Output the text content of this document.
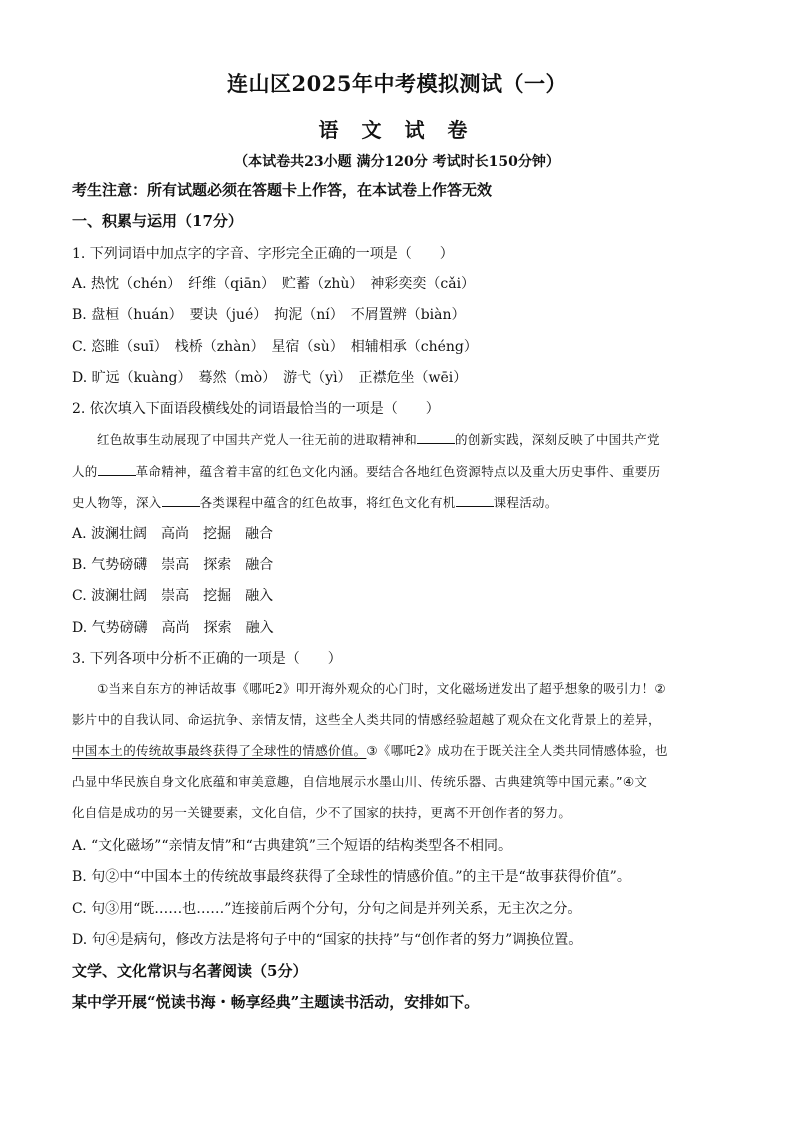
连山区2025年中考模拟测试（一）
语 文 试 卷
（本试卷共23小题 满分120分 考试时长150分钟）
考生注意：所有试题必须在答题卡上作答，在本试卷上作答无效
一、积累与运用（17分）
1. 下列词语中加点字的字音、字形完全正确的一项是（　　）
A. 热忱（chén）　纤维（qiān）　贮蓄（zhù）　神彩奕奕（cǎi）
B. 盘桓（huán）　要诀（jué）　拘泥（ní）　不屑置辨（biàn）
C. 恣睢（suī）　栈桥（zhàn）　星宿（sù）　相辅相承（chéng）
D. 旷远（kuàng）　蓦然（mò）　游弋（yì）　正襟危坐（wēi）
2. 依次填入下面语段横线处的词语最恰当的一项是（　　）

红色故事生动展现了中国共产党人一往无前的进取精神和	的创新实践，深刻反映了中国共产党

人的	革命精神，蕴含着丰富的红色文化内涵。要结合各地红色资源特点以及重大历史事件、重要历
史人物等，深入	各类课程中蕴含的红色故事，将红色文化有机	课程活动。
A. 波澜壮阔　高尚　挖掘　融合
B. 气势磅礴　崇高　探索　融合
C. 波澜壮阔　崇高　挖掘　融入
D. 气势磅礴　高尚　探索　融入
3. 下列各项中分析不正确的一项是（　　）
①当来自东方的神话故事《哪吒2》叩开海外观众的心门时，文化磁场迸发出了超乎想象的吸引力！②
影片中的自我认同、命运抗争、亲情友情，这些全人类共同的情感经验超越了观众在文化背景上的差异，
中国本土的传统故事最终获得了全球性的情感价值。③《哪吒2》成功在于既关注全人类共同情感体验，也
凸显中华民族自身文化底蕴和审美意趣，自信地展示水墨山川、传统乐器、古典建筑等中国元素。”④文
化自信是成功的另一关键要素，文化自信，少不了国家的扶持，更离不开创作者的努力。
A. “文化磁场”“亲情友情”和“古典建筑”三个短语的结构类型各不相同。
B. 句②中“中国本土的传统故事最终获得了全球性的情感价值。”的主干是“故事获得价值”。
C. 句③用“既……也……”连接前后两个分句，分句之间是并列关系，无主次之分。
D. 句④是病句，修改方法是将句子中的“国家的扶持”与“创作者的努力”调换位置。
文学、文化常识与名著阅读（5分）
某中学开展“悦读书海・畅享经典”主题读书活动，安排如下。
